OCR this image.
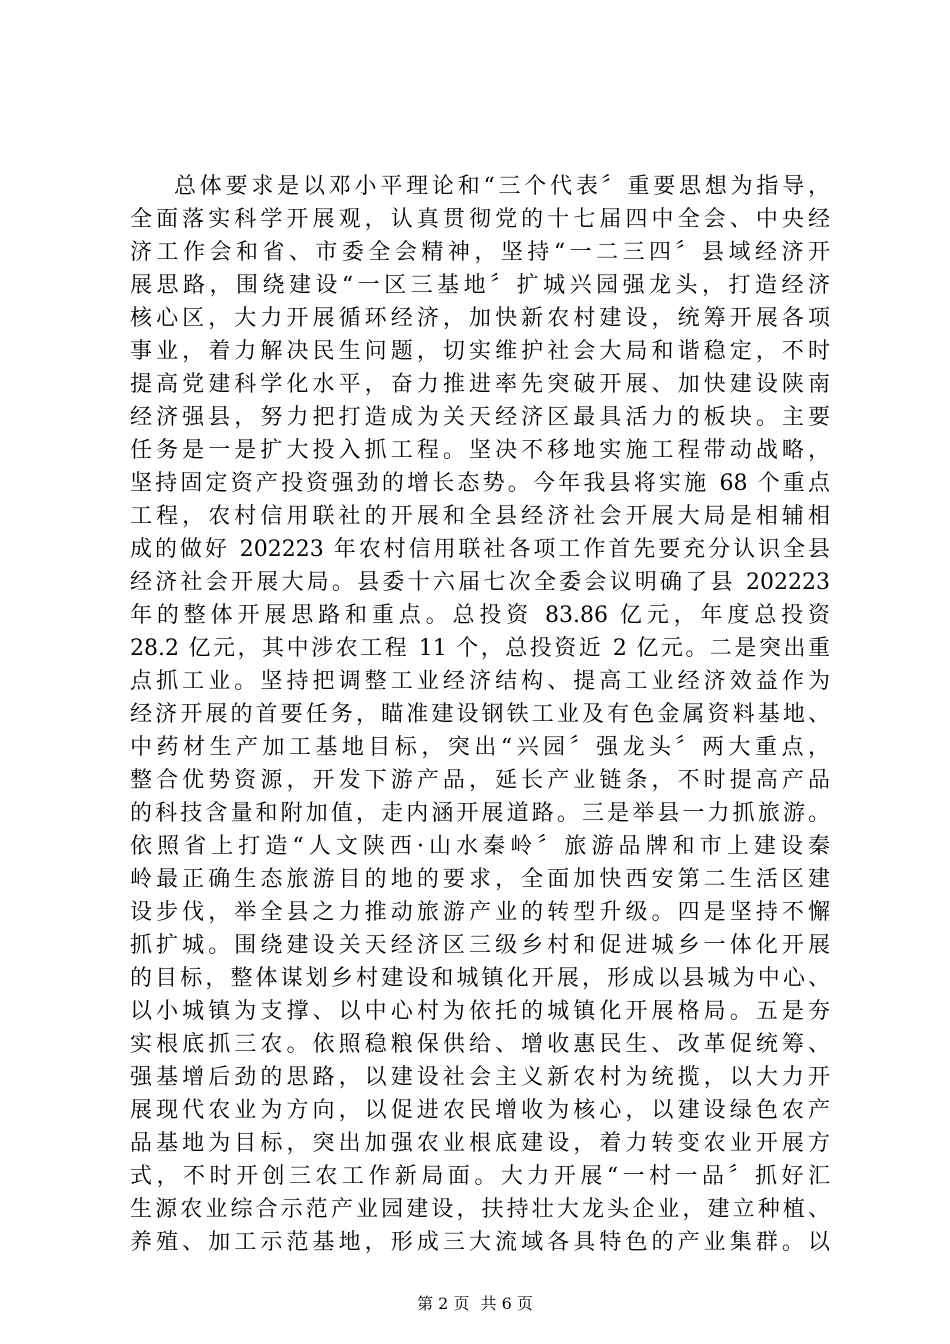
总体要求是以邓小平理论和“三个代表〞重要思想为指导，
全面落实科学开展观，认真贯彻党的十七届四中全会、中央经
济工作会和省、市委全会精神，坚持“一二三四〞县域经济开
展思路，围绕建设“一区三基地〞扩城兴园强龙头，打造经济
核心区，大力开展循环经济，加快新农村建设，统筹开展各项
事业，着力解决民生问题，切实维护社会大局和谐稳定，不时
提高党建科学化水平，奋力推进率先突破开展、加快建设陕南
经济强县，努力把打造成为关天经济区最具活力的板块。主要
任务是一是扩大投入抓工程。坚决不移地实施工程带动战略，
坚持固定资产投资强劲的增长态势。今年我县将实施 68 个重点
工程，农村信用联社的开展和全县经济社会开展大局是相辅相
成的做好 202223 年农村信用联社各项工作首先要充分认识全县
经济社会开展大局。县委十六届七次全委会议明确了县 202223
年的整体开展思路和重点。总投资 83.86 亿元，年度总投资
28.2 亿元，其中涉农工程 11 个，总投资近 2 亿元。二是突出重
点抓工业。坚持把调整工业经济结构、提高工业经济效益作为
经济开展的首要任务，瞄准建设钢铁工业及有色金属资料基地、
中药材生产加工基地目标，突出“兴园〞强龙头〞两大重点，
整合优势资源，开发下游产品，延长产业链条，不时提高产品
的科技含量和附加值，走内涵开展道路。三是举县一力抓旅游。
依照省上打造“人文陕西·山水秦岭〞旅游品牌和市上建设秦
岭最正确生态旅游目的地的要求，全面加快西安第二生活区建
设步伐，举全县之力推动旅游产业的转型升级。四是坚持不懈
抓扩城。围绕建设关天经济区三级乡村和促进城乡一体化开展
的目标，整体谋划乡村建设和城镇化开展，形成以县城为中心、
以小城镇为支撑、以中心村为依托的城镇化开展格局。五是夯
实根底抓三农。依照稳粮保供给、增收惠民生、改革促统筹、
强基增后劲的思路，以建设社会主义新农村为统揽，以大力开
展现代农业为方向，以促进农民增收为核心，以建设绿色农产
品基地为目标，突出加强农业根底建设，着力转变农业开展方
式，不时开创三农工作新局面。大力开展“一村一品〞抓好汇
生源农业综合示范产业园建设，扶持壮大龙头企业，建立种植、
养殖、加工示范基地，形成三大流域各具特色的产业集群。以
第 2 页 共 6 页
